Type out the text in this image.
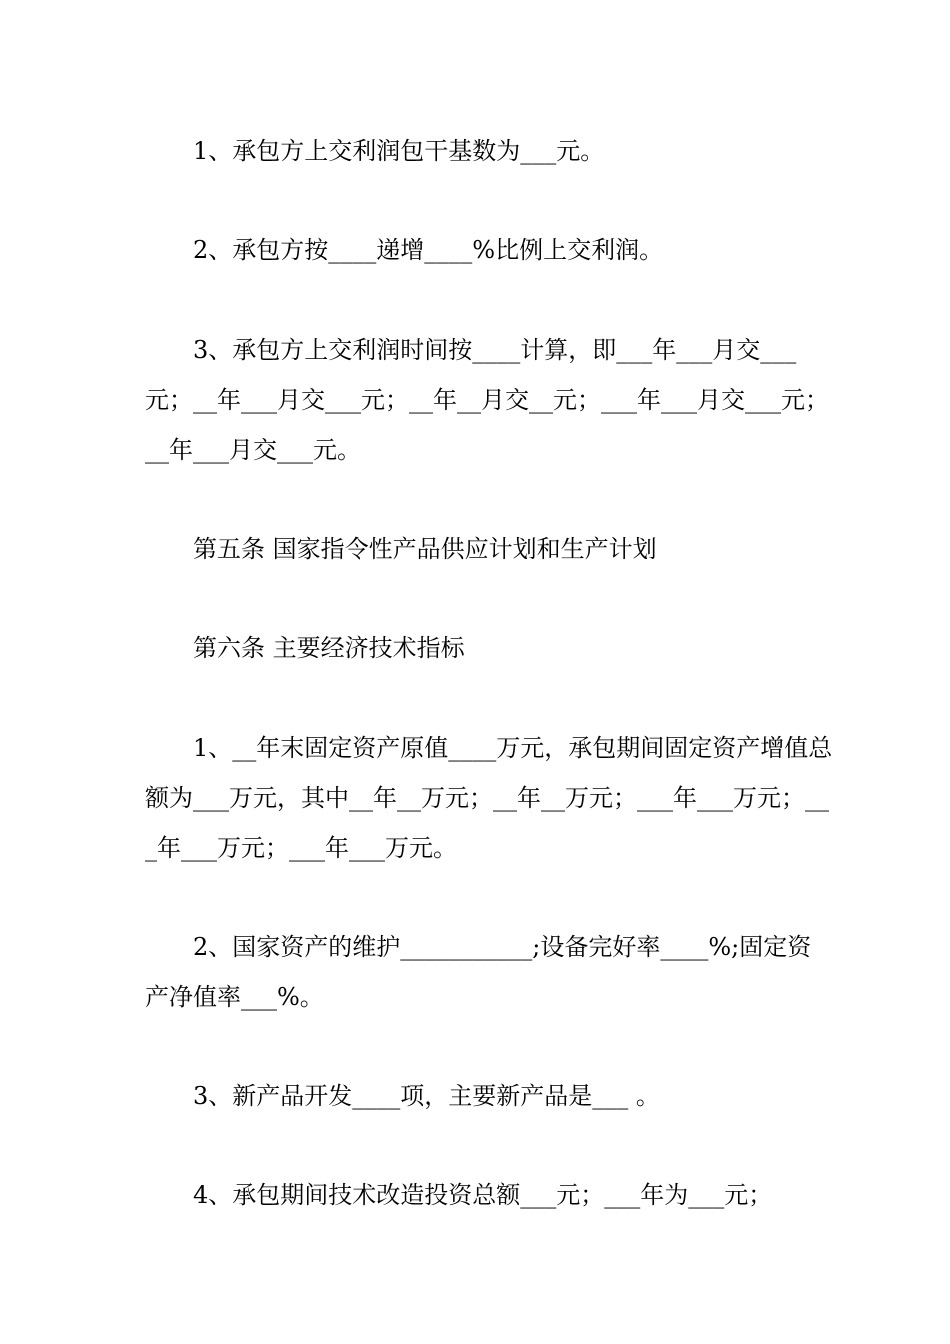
1、承包方上交利润包干基数为___元。

2、承包方按____递增____%比例上交利润。

3、承包方上交利润时间按____计算，即___年___月交___元；__年___月交___元；__年__月交__元；___年___月交___元；__年___月交___元。

第五条 国家指令性产品供应计划和生产计划

第六条 主要经济技术指标

1、__年末固定资产原值____万元，承包期间固定资产增值总额为___万元，其中__年__万元；__年__万元；___年___万元；___年___万元；___年___万元。

2、国家资产的维护___________;设备完好率____%;固定资产净值率___%。

3、新产品开发____项，主要新产品是___ 。

4、承包期间技术改造投资总额___元；___年为___元；
